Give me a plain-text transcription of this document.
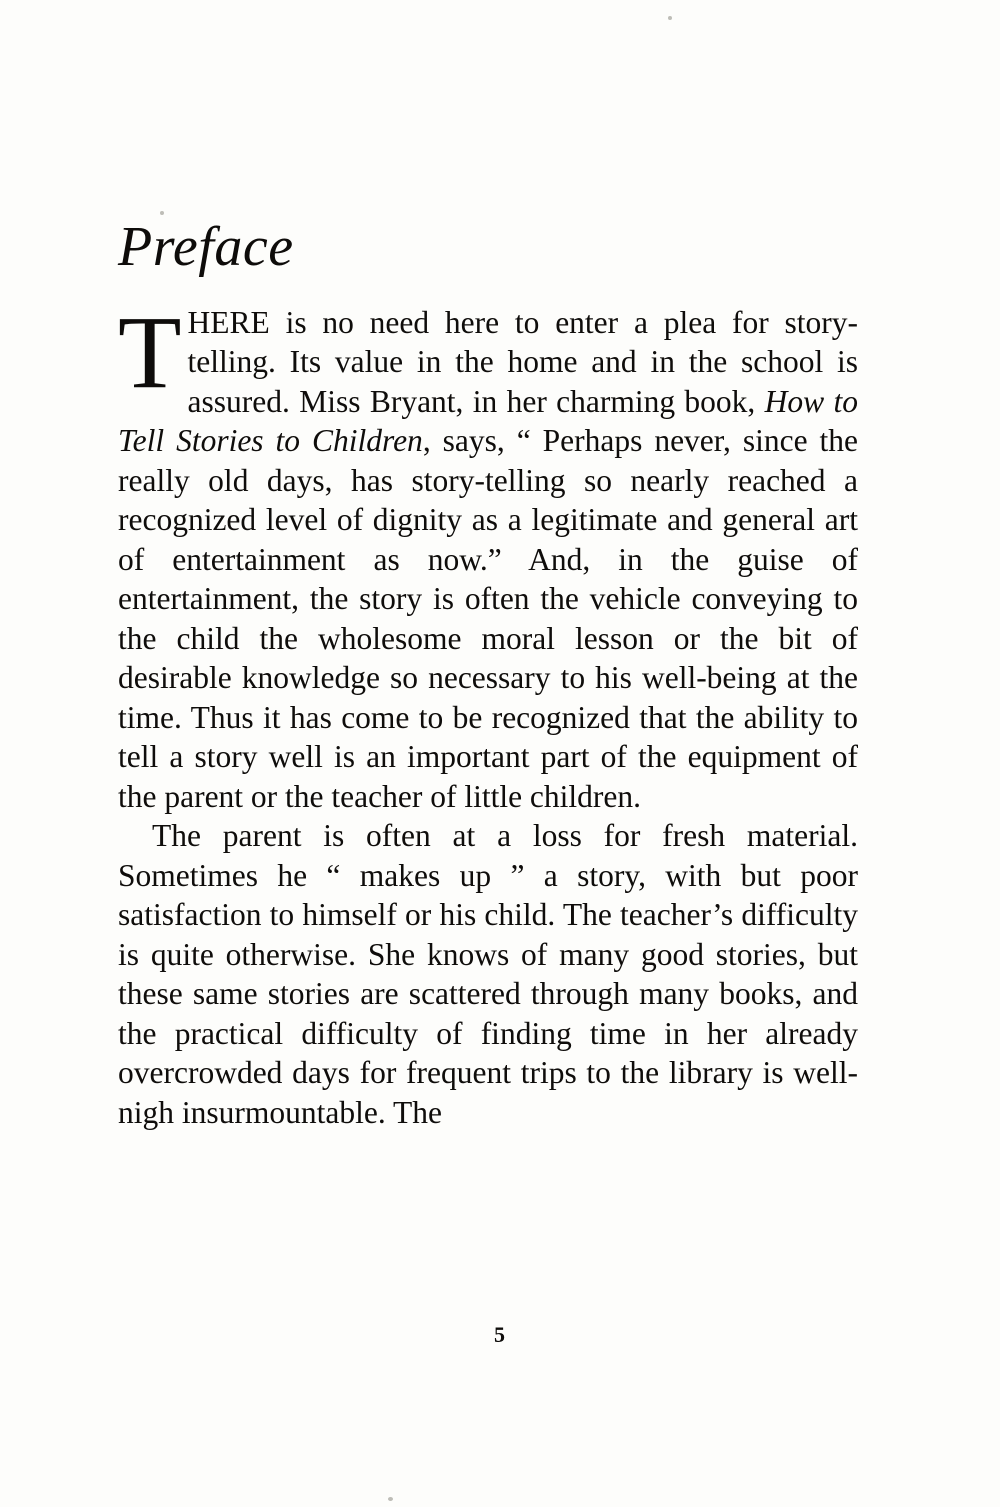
Preface

THERE is no need here to enter a plea for story-telling. Its value in the home and in the school is assured. Miss Bryant, in her charming book, How to Tell Stories to Children, says, “ Perhaps never, since the really old days, has story-telling so nearly reached a recognized level of dignity as a legitimate and general art of entertainment as now.” And, in the guise of entertainment, the story is often the vehicle conveying to the child the wholesome moral lesson or the bit of desirable knowledge so necessary to his well-being at the time. Thus it has come to be recognized that the ability to tell a story well is an important part of the equipment of the parent or the teacher of little children.

The parent is often at a loss for fresh material. Sometimes he “ makes up ” a story, with but poor satisfaction to himself or his child. The teacher’s difficulty is quite otherwise. She knows of many good stories, but these same stories are scattered through many books, and the practical difficulty of finding time in her already overcrowded days for frequent trips to the library is well-nigh insurmountable. The

5
